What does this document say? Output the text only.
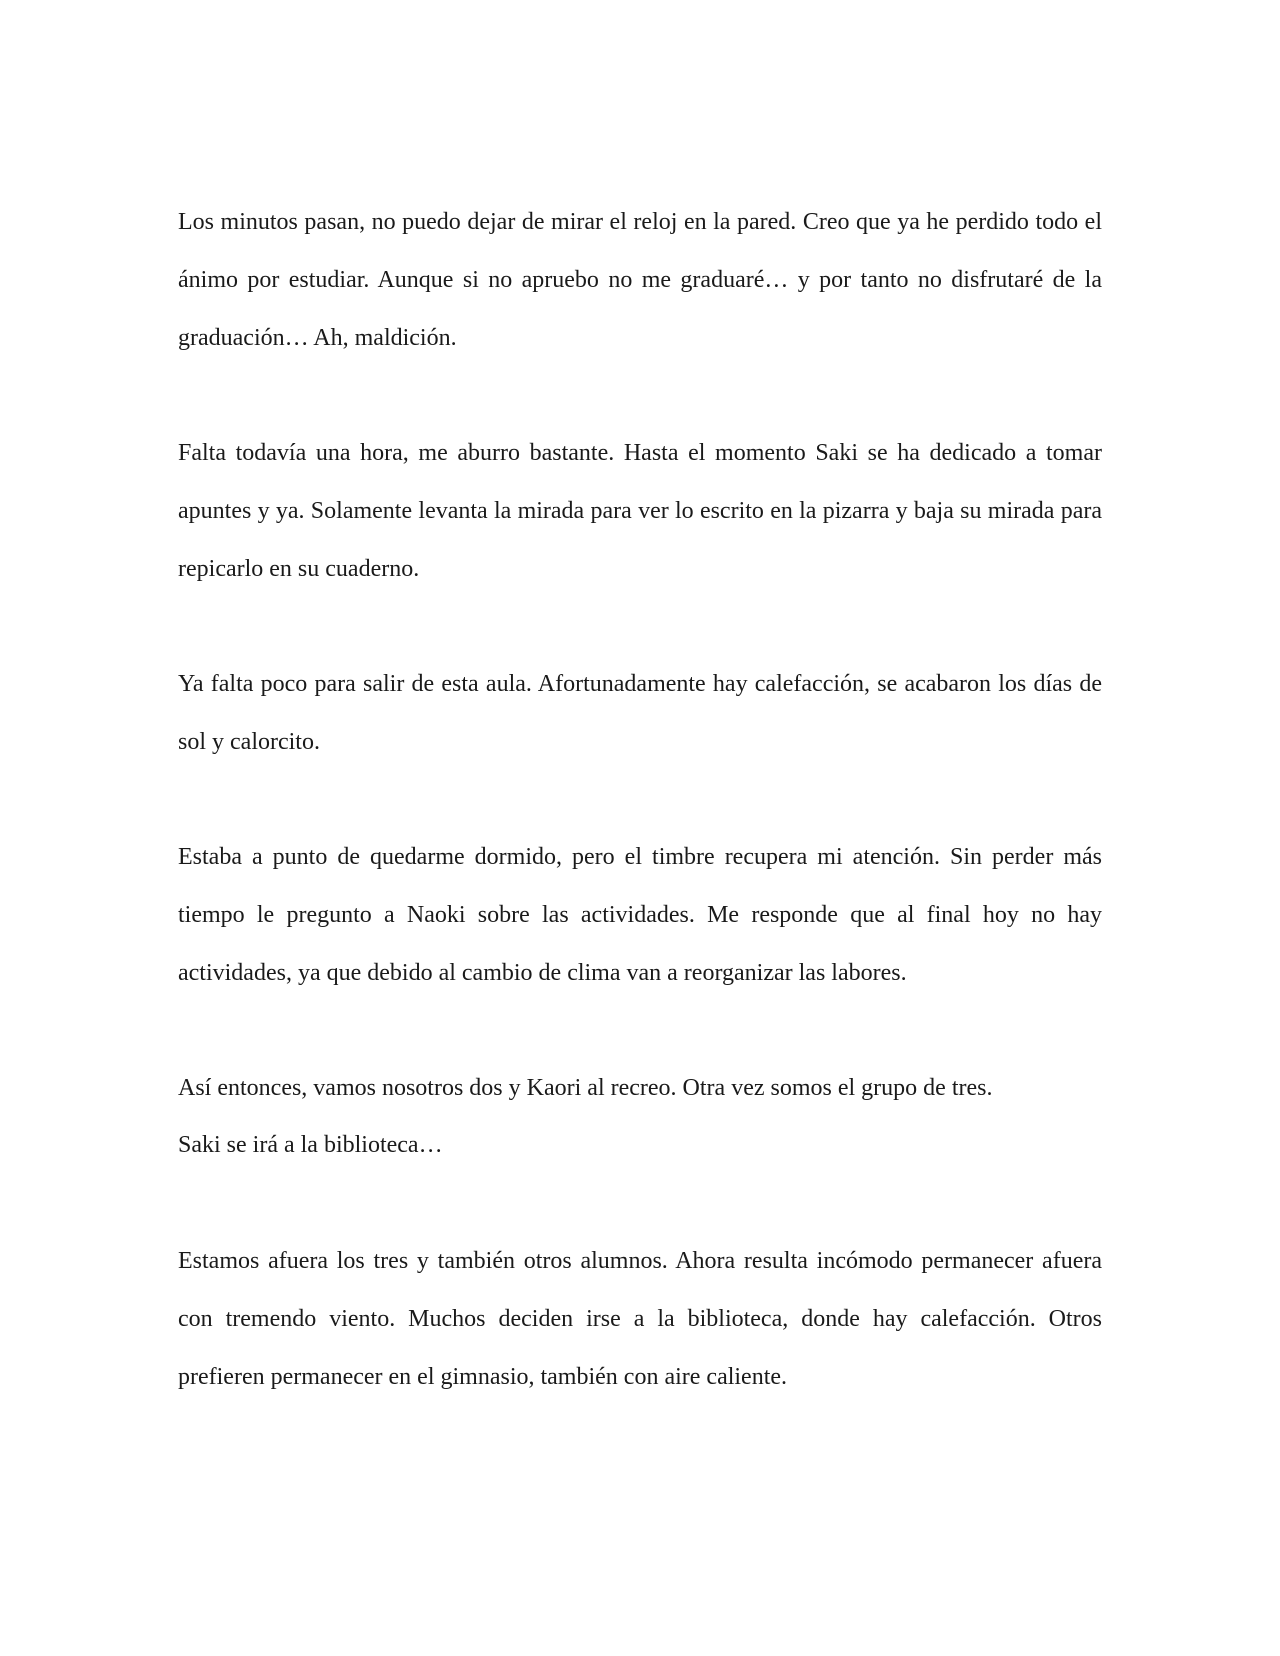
Los minutos pasan, no puedo dejar de mirar el reloj en la pared. Creo que ya he perdido todo el ánimo por estudiar. Aunque si no apruebo no me graduaré… y por tanto no disfrutaré de la graduación… Ah, maldición.

Falta todavía una hora, me aburro bastante. Hasta el momento Saki se ha dedicado a tomar apuntes y ya. Solamente levanta la mirada para ver lo escrito en la pizarra y baja su mirada para repicarlo en su cuaderno.

Ya falta poco para salir de esta aula. Afortunadamente hay calefacción, se acabaron los días de sol y calorcito.

Estaba a punto de quedarme dormido, pero el timbre recupera mi atención. Sin perder más tiempo le pregunto a Naoki sobre las actividades. Me responde que al final hoy no hay actividades, ya que debido al cambio de clima van a reorganizar las labores.

Así entonces, vamos nosotros dos y Kaori al recreo. Otra vez somos el grupo de tres.

Saki se irá a la biblioteca…

Estamos afuera los tres y también otros alumnos. Ahora resulta incómodo permanecer afuera con tremendo viento. Muchos deciden irse a la biblioteca, donde hay calefacción. Otros prefieren permanecer en el gimnasio, también con aire caliente.
